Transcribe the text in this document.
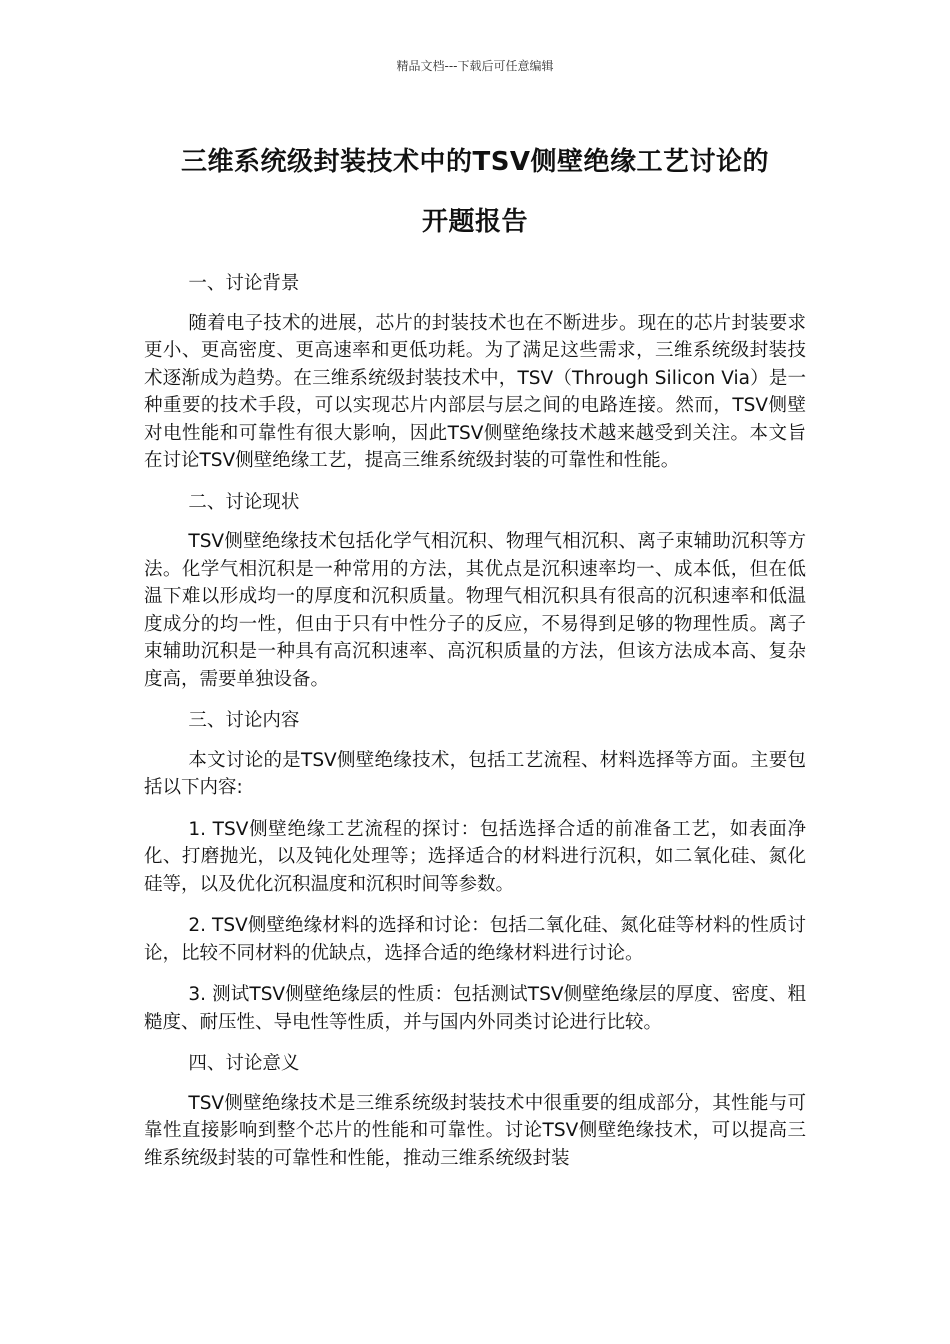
精品文档---下载后可任意编辑
三维系统级封装技术中的TSV侧壁绝缘工艺讨论的
开题报告

一、讨论背景

随着电子技术的进展，芯片的封装技术也在不断进步。现在的芯片封装要求更小、更高密度、更高速率和更低功耗。为了满足这些需求，三维系统级封装技术逐渐成为趋势。在三维系统级封装技术中，TSV（Through Silicon Via）是一种重要的技术手段，可以实现芯片内部层与层之间的电路连接。然而，TSV侧壁对电性能和可靠性有很大影响，因此TSV侧壁绝缘技术越来越受到关注。本文旨在讨论TSV侧壁绝缘工艺，提高三维系统级封装的可靠性和性能。

二、讨论现状

TSV侧壁绝缘技术包括化学气相沉积、物理气相沉积、离子束辅助沉积等方法。化学气相沉积是一种常用的方法，其优点是沉积速率均一、成本低，但在低温下难以形成均一的厚度和沉积质量。物理气相沉积具有很高的沉积速率和低温度成分的均一性，但由于只有中性分子的反应，不易得到足够的物理性质。离子束辅助沉积是一种具有高沉积速率、高沉积质量的方法，但该方法成本高、复杂度高，需要单独设备。

三、讨论内容

本文讨论的是TSV侧壁绝缘技术，包括工艺流程、材料选择等方面。主要包括以下内容:

1. TSV侧壁绝缘工艺流程的探讨：包括选择合适的前准备工艺，如表面净化、打磨抛光，以及钝化处理等；选择适合的材料进行沉积，如二氧化硅、氮化硅等，以及优化沉积温度和沉积时间等参数。

2. TSV侧壁绝缘材料的选择和讨论：包括二氧化硅、氮化硅等材料的性质讨论，比较不同材料的优缺点，选择合适的绝缘材料进行讨论。

3. 测试TSV侧壁绝缘层的性质：包括测试TSV侧壁绝缘层的厚度、密度、粗糙度、耐压性、导电性等性质，并与国内外同类讨论进行比较。

四、讨论意义

TSV侧壁绝缘技术是三维系统级封装技术中很重要的组成部分，其性能与可靠性直接影响到整个芯片的性能和可靠性。讨论TSV侧壁绝缘技术，可以提高三维系统级封装的可靠性和性能，推动三维系统级封装
